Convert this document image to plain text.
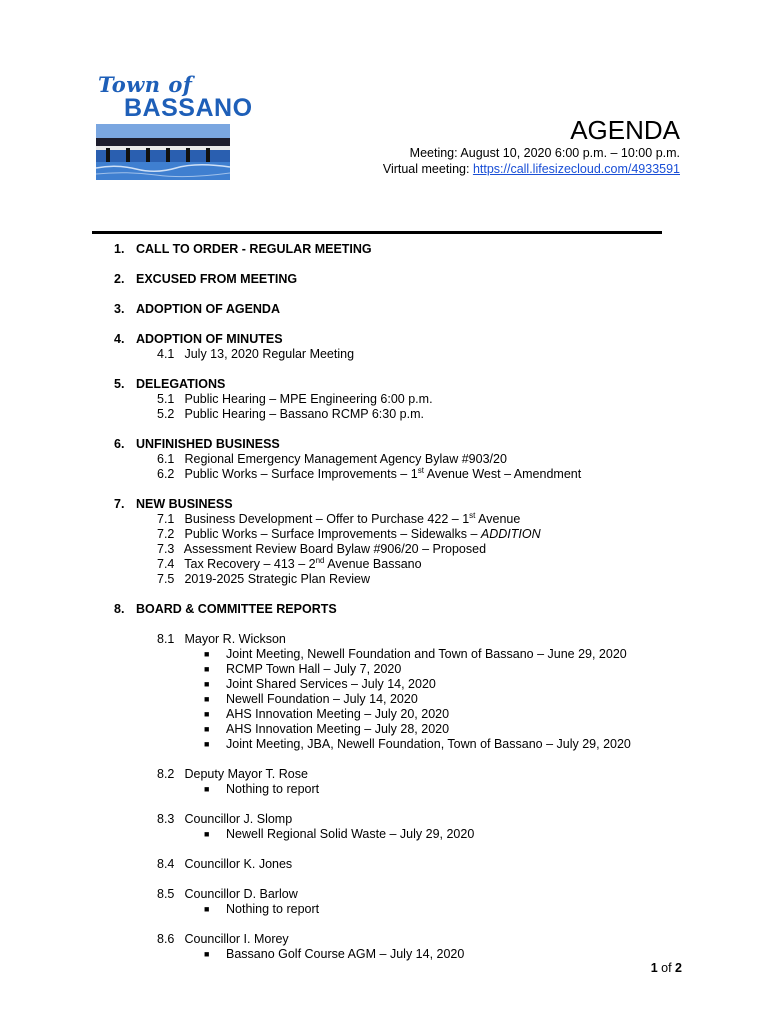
Town of
BASSANO
AGENDA
Meeting: August 10, 2020 6:00 p.m. – 10:00 p.m.
Virtual meeting: https://call.lifesizecloud.com/4933591
1. CALL TO ORDER - REGULAR MEETING
2. EXCUSED FROM MEETING
3. ADOPTION OF AGENDA
4. ADOPTION OF MINUTES
4.1 July 13, 2020 Regular Meeting
5. DELEGATIONS
5.1 Public Hearing – MPE Engineering 6:00 p.m.
5.2 Public Hearing – Bassano RCMP 6:30 p.m.
6. UNFINISHED BUSINESS
6.1 Regional Emergency Management Agency Bylaw #903/20
6.2 Public Works – Surface Improvements – 1st Avenue West – Amendment
7. NEW BUSINESS
7.1 Business Development – Offer to Purchase 422 – 1st Avenue
7.2 Public Works – Surface Improvements – Sidewalks – ADDITION
7.3 Assessment Review Board Bylaw #906/20 – Proposed
7.4 Tax Recovery – 413 – 2nd Avenue Bassano
7.5 2019-2025 Strategic Plan Review
8. BOARD & COMMITTEE REPORTS
8.1 Mayor R. Wickson
■	Joint Meeting, Newell Foundation and Town of Bassano – June 29, 2020
■	RCMP Town Hall – July 7, 2020
■	Joint Shared Services – July 14, 2020
■	Newell Foundation – July 14, 2020
■	AHS Innovation Meeting – July 20, 2020
■	AHS Innovation Meeting – July 28, 2020
■	Joint Meeting, JBA, Newell Foundation, Town of Bassano – July 29, 2020
8.2 Deputy Mayor T. Rose
■	Nothing to report
8.3 Councillor J. Slomp
■	Newell Regional Solid Waste – July 29, 2020
8.4 Councillor K. Jones
8.5 Councillor D. Barlow
■	Nothing to report
8.6 Councillor I. Morey
■	Bassano Golf Course AGM – July 14, 2020
1 of 2
